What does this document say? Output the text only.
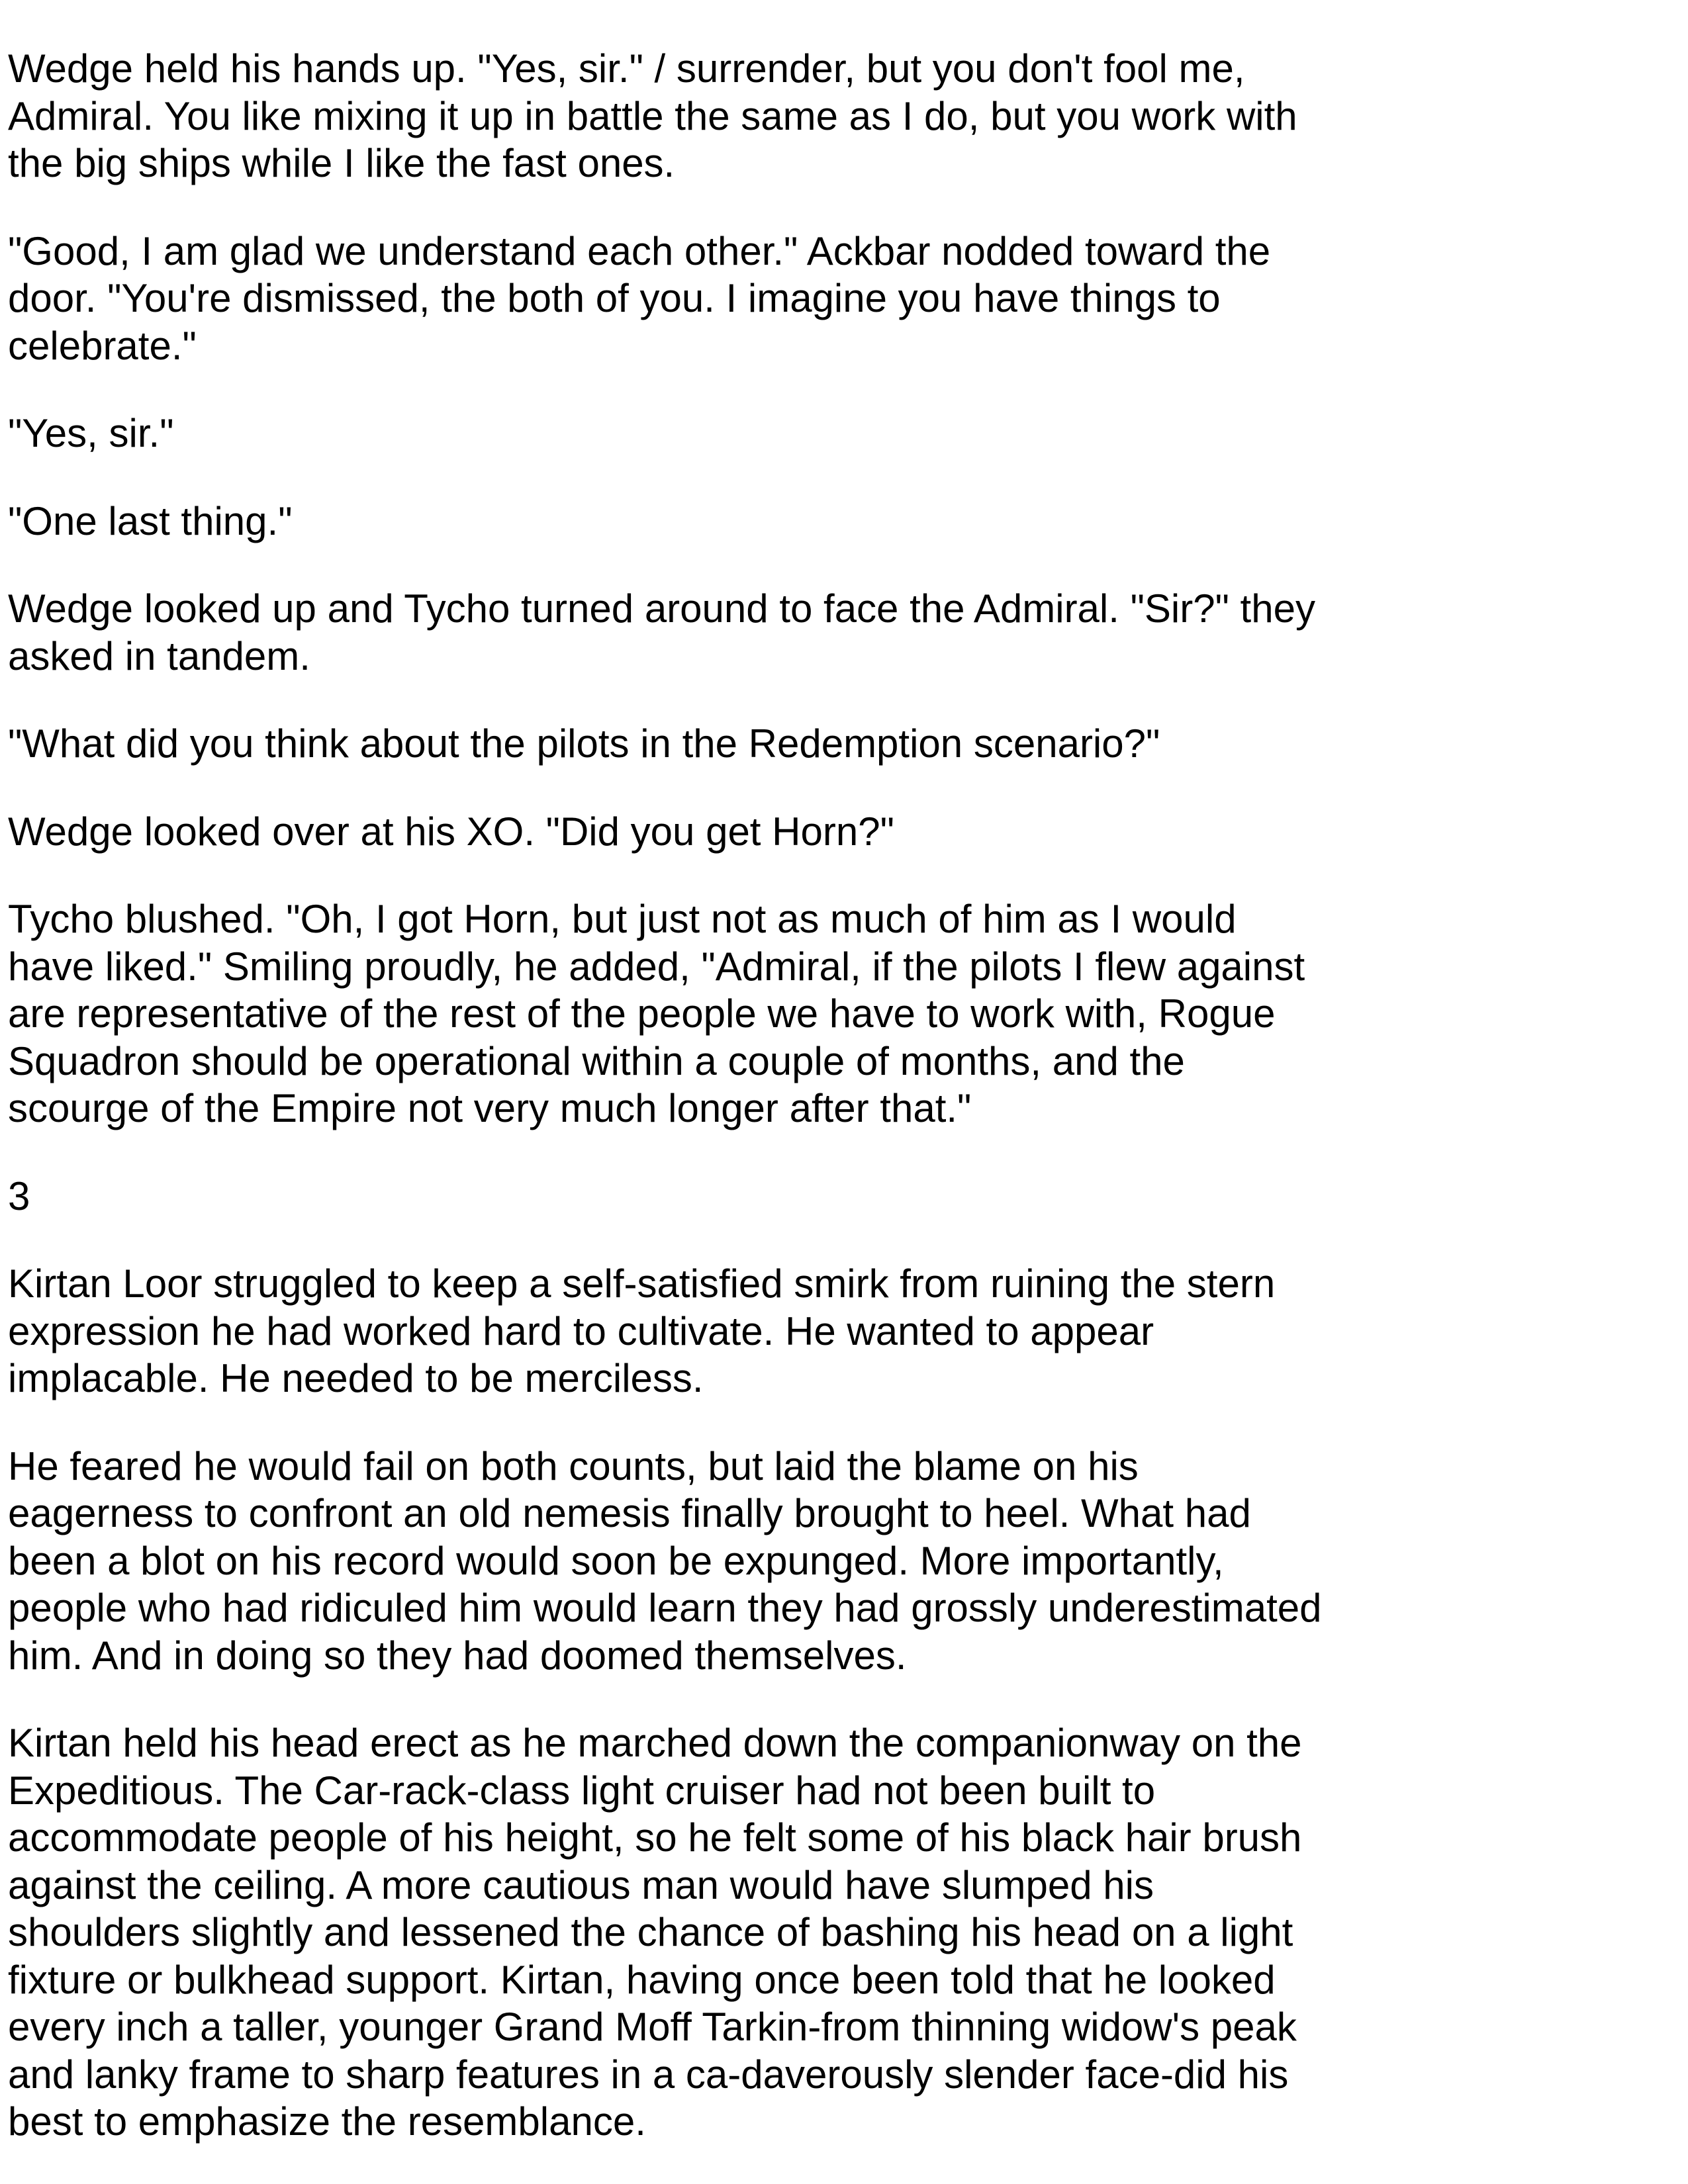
Wedge held his hands up. "Yes, sir." / surrender, but you don't fool me,
Admiral. You like mixing it up in battle the same as I do, but you work with
the big ships while I like the fast ones.

"Good, I am glad we understand each other." Ackbar nodded toward the
door. "You're dismissed, the both of you. I imagine you have things to
celebrate."

"Yes, sir."

"One last thing."

Wedge looked up and Tycho turned around to face the Admiral. "Sir?" they
asked in tandem.

"What did you think about the pilots in the Redemption scenario?"

Wedge looked over at his XO. "Did you get Horn?"

Tycho blushed. "Oh, I got Horn, but just not as much of him as I would
have liked." Smiling proudly, he added, "Admiral, if the pilots I flew against
are representative of the rest of the people we have to work with, Rogue
Squadron should be operational within a couple of months, and the
scourge of the Empire not very much longer after that."

3

Kirtan Loor struggled to keep a self-satisfied smirk from ruining the stern
expression he had worked hard to cultivate. He wanted to appear
implacable. He needed to be merciless.

He feared he would fail on both counts, but laid the blame on his
eagerness to confront an old nemesis finally brought to heel. What had
been a blot on his record would soon be expunged. More importantly,
people who had ridiculed him would learn they had grossly underestimated
him. And in doing so they had doomed themselves.

Kirtan held his head erect as he marched down the companionway on the
Expeditious. The Car-rack-class light cruiser had not been built to
accommodate people of his height, so he felt some of his black hair brush
against the ceiling. A more cautious man would have slumped his
shoulders slightly and lessened the chance of bashing his head on a light
fixture or bulkhead support. Kirtan, having once been told that he looked
every inch a taller, younger Grand Moff Tarkin-from thinning widow's peak
and lanky frame to sharp features in a ca-daverously slender face-did his
best to emphasize the resemblance.
